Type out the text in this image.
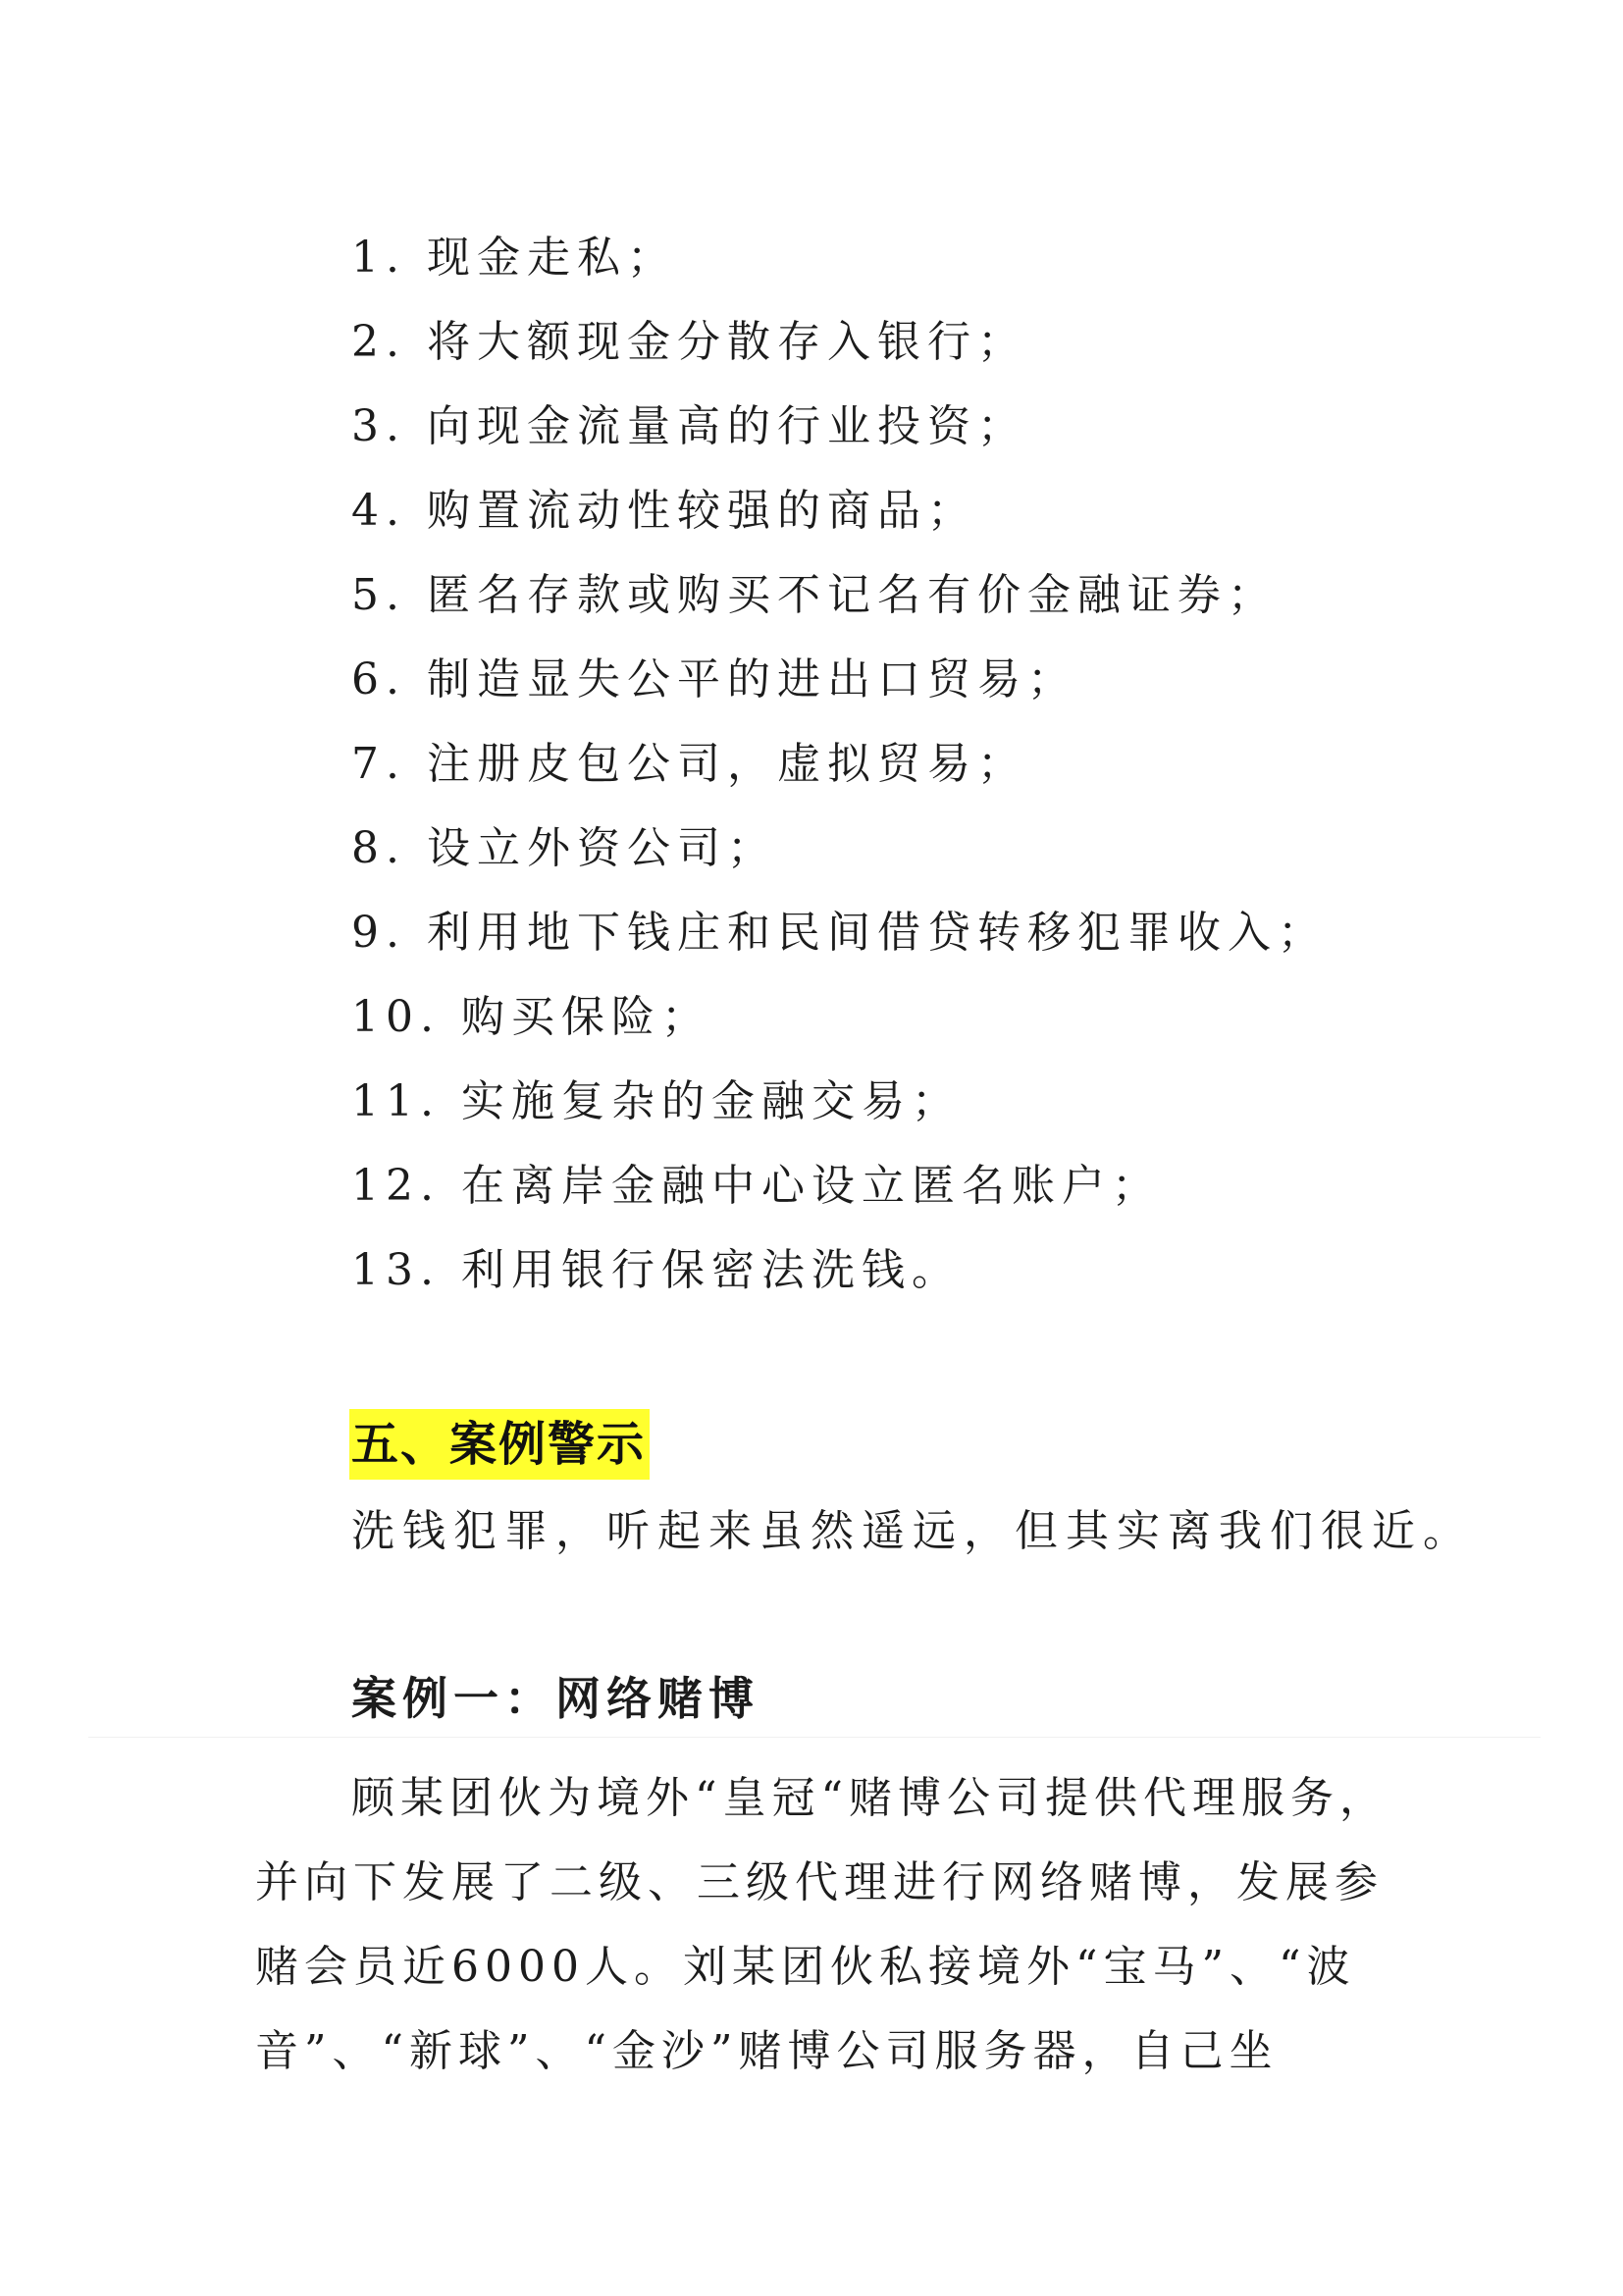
1. 现金走私；
2. 将大额现金分散存入银行；
3. 向现金流量高的行业投资；
4. 购置流动性较强的商品；
5. 匿名存款或购买不记名有价金融证券；
6. 制造显失公平的进出口贸易；
7. 注册皮包公司，虚拟贸易；
8. 设立外资公司；
9. 利用地下钱庄和民间借贷转移犯罪收入；
10. 购买保险；
11. 实施复杂的金融交易；
12. 在离岸金融中心设立匿名账户；
13. 利用银行保密法洗钱。
五、案例警示
洗钱犯罪，听起来虽然遥远，但其实离我们很近。
案例一：网络赌博
顾某团伙为境外“皇冠“赌博公司提供代理服务，
并向下发展了二级、三级代理进行网络赌博，发展参
赌会员近6000人。刘某团伙私接境外“宝马”、“波
音”、“新球”、“金沙”赌博公司服务器，自己坐
